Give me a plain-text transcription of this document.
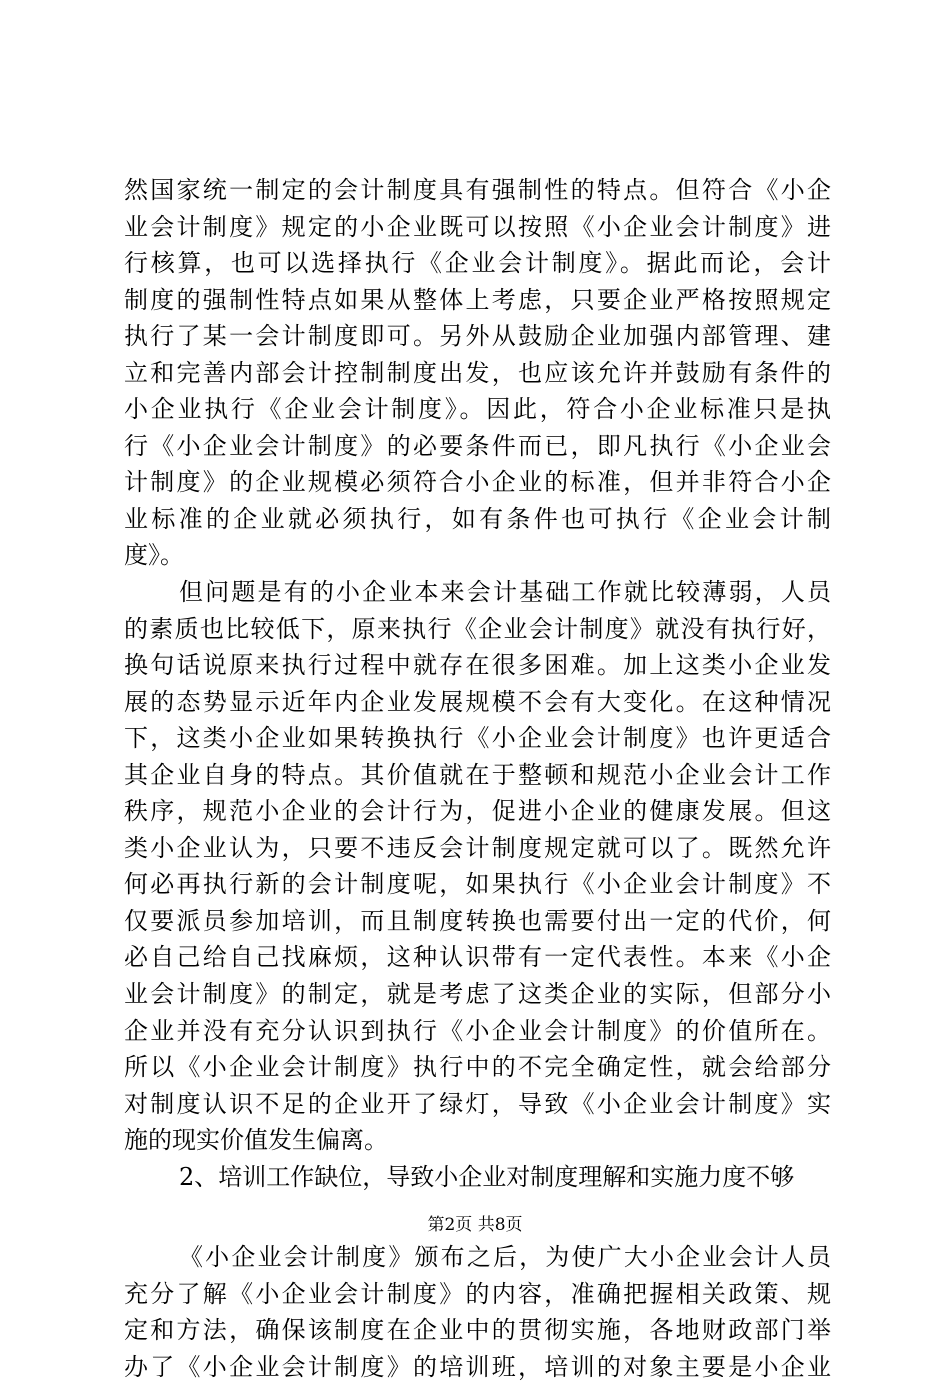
然国家统一制定的会计制度具有强制性的特点。但符合《小企
业会计制度》规定的小企业既可以按照《小企业会计制度》进
行核算，也可以选择执行《企业会计制度》。据此而论，会计
制度的强制性特点如果从整体上考虑，只要企业严格按照规定
执行了某一会计制度即可。另外从鼓励企业加强内部管理、建
立和完善内部会计控制制度出发，也应该允许并鼓励有条件的
小企业执行《企业会计制度》。因此，符合小企业标准只是执
行《小企业会计制度》的必要条件而已，即凡执行《小企业会
计制度》的企业规模必须符合小企业的标准，但并非符合小企
业标准的企业就必须执行，如有条件也可执行《企业会计制
度》。
但问题是有的小企业本来会计基础工作就比较薄弱，人员
的素质也比较低下，原来执行《企业会计制度》就没有执行好，
换句话说原来执行过程中就存在很多困难。加上这类小企业发
展的态势显示近年内企业发展规模不会有大变化。在这种情况
下，这类小企业如果转换执行《小企业会计制度》也许更适合
其企业自身的特点。其价值就在于整顿和规范小企业会计工作
秩序，规范小企业的会计行为，促进小企业的健康发展。但这
类小企业认为，只要不违反会计制度规定就可以了。既然允许
何必再执行新的会计制度呢，如果执行《小企业会计制度》不
仅要派员参加培训，而且制度转换也需要付出一定的代价，何
必自己给自己找麻烦，这种认识带有一定代表性。本来《小企
业会计制度》的制定，就是考虑了这类企业的实际，但部分小
企业并没有充分认识到执行《小企业会计制度》的价值所在。
所以《小企业会计制度》执行中的不完全确定性，就会给部分
对制度认识不足的企业开了绿灯，导致《小企业会计制度》实
施的现实价值发生偏离。
2、培训工作缺位，导致小企业对制度理解和实施力度不够
《小企业会计制度》颁布之后，为使广大小企业会计人员
充分了解《小企业会计制度》的内容，准确把握相关政策、规
定和方法，确保该制度在企业中的贯彻实施，各地财政部门举
办了《小企业会计制度》的培训班，培训的对象主要是小企业
第2页 共8页
